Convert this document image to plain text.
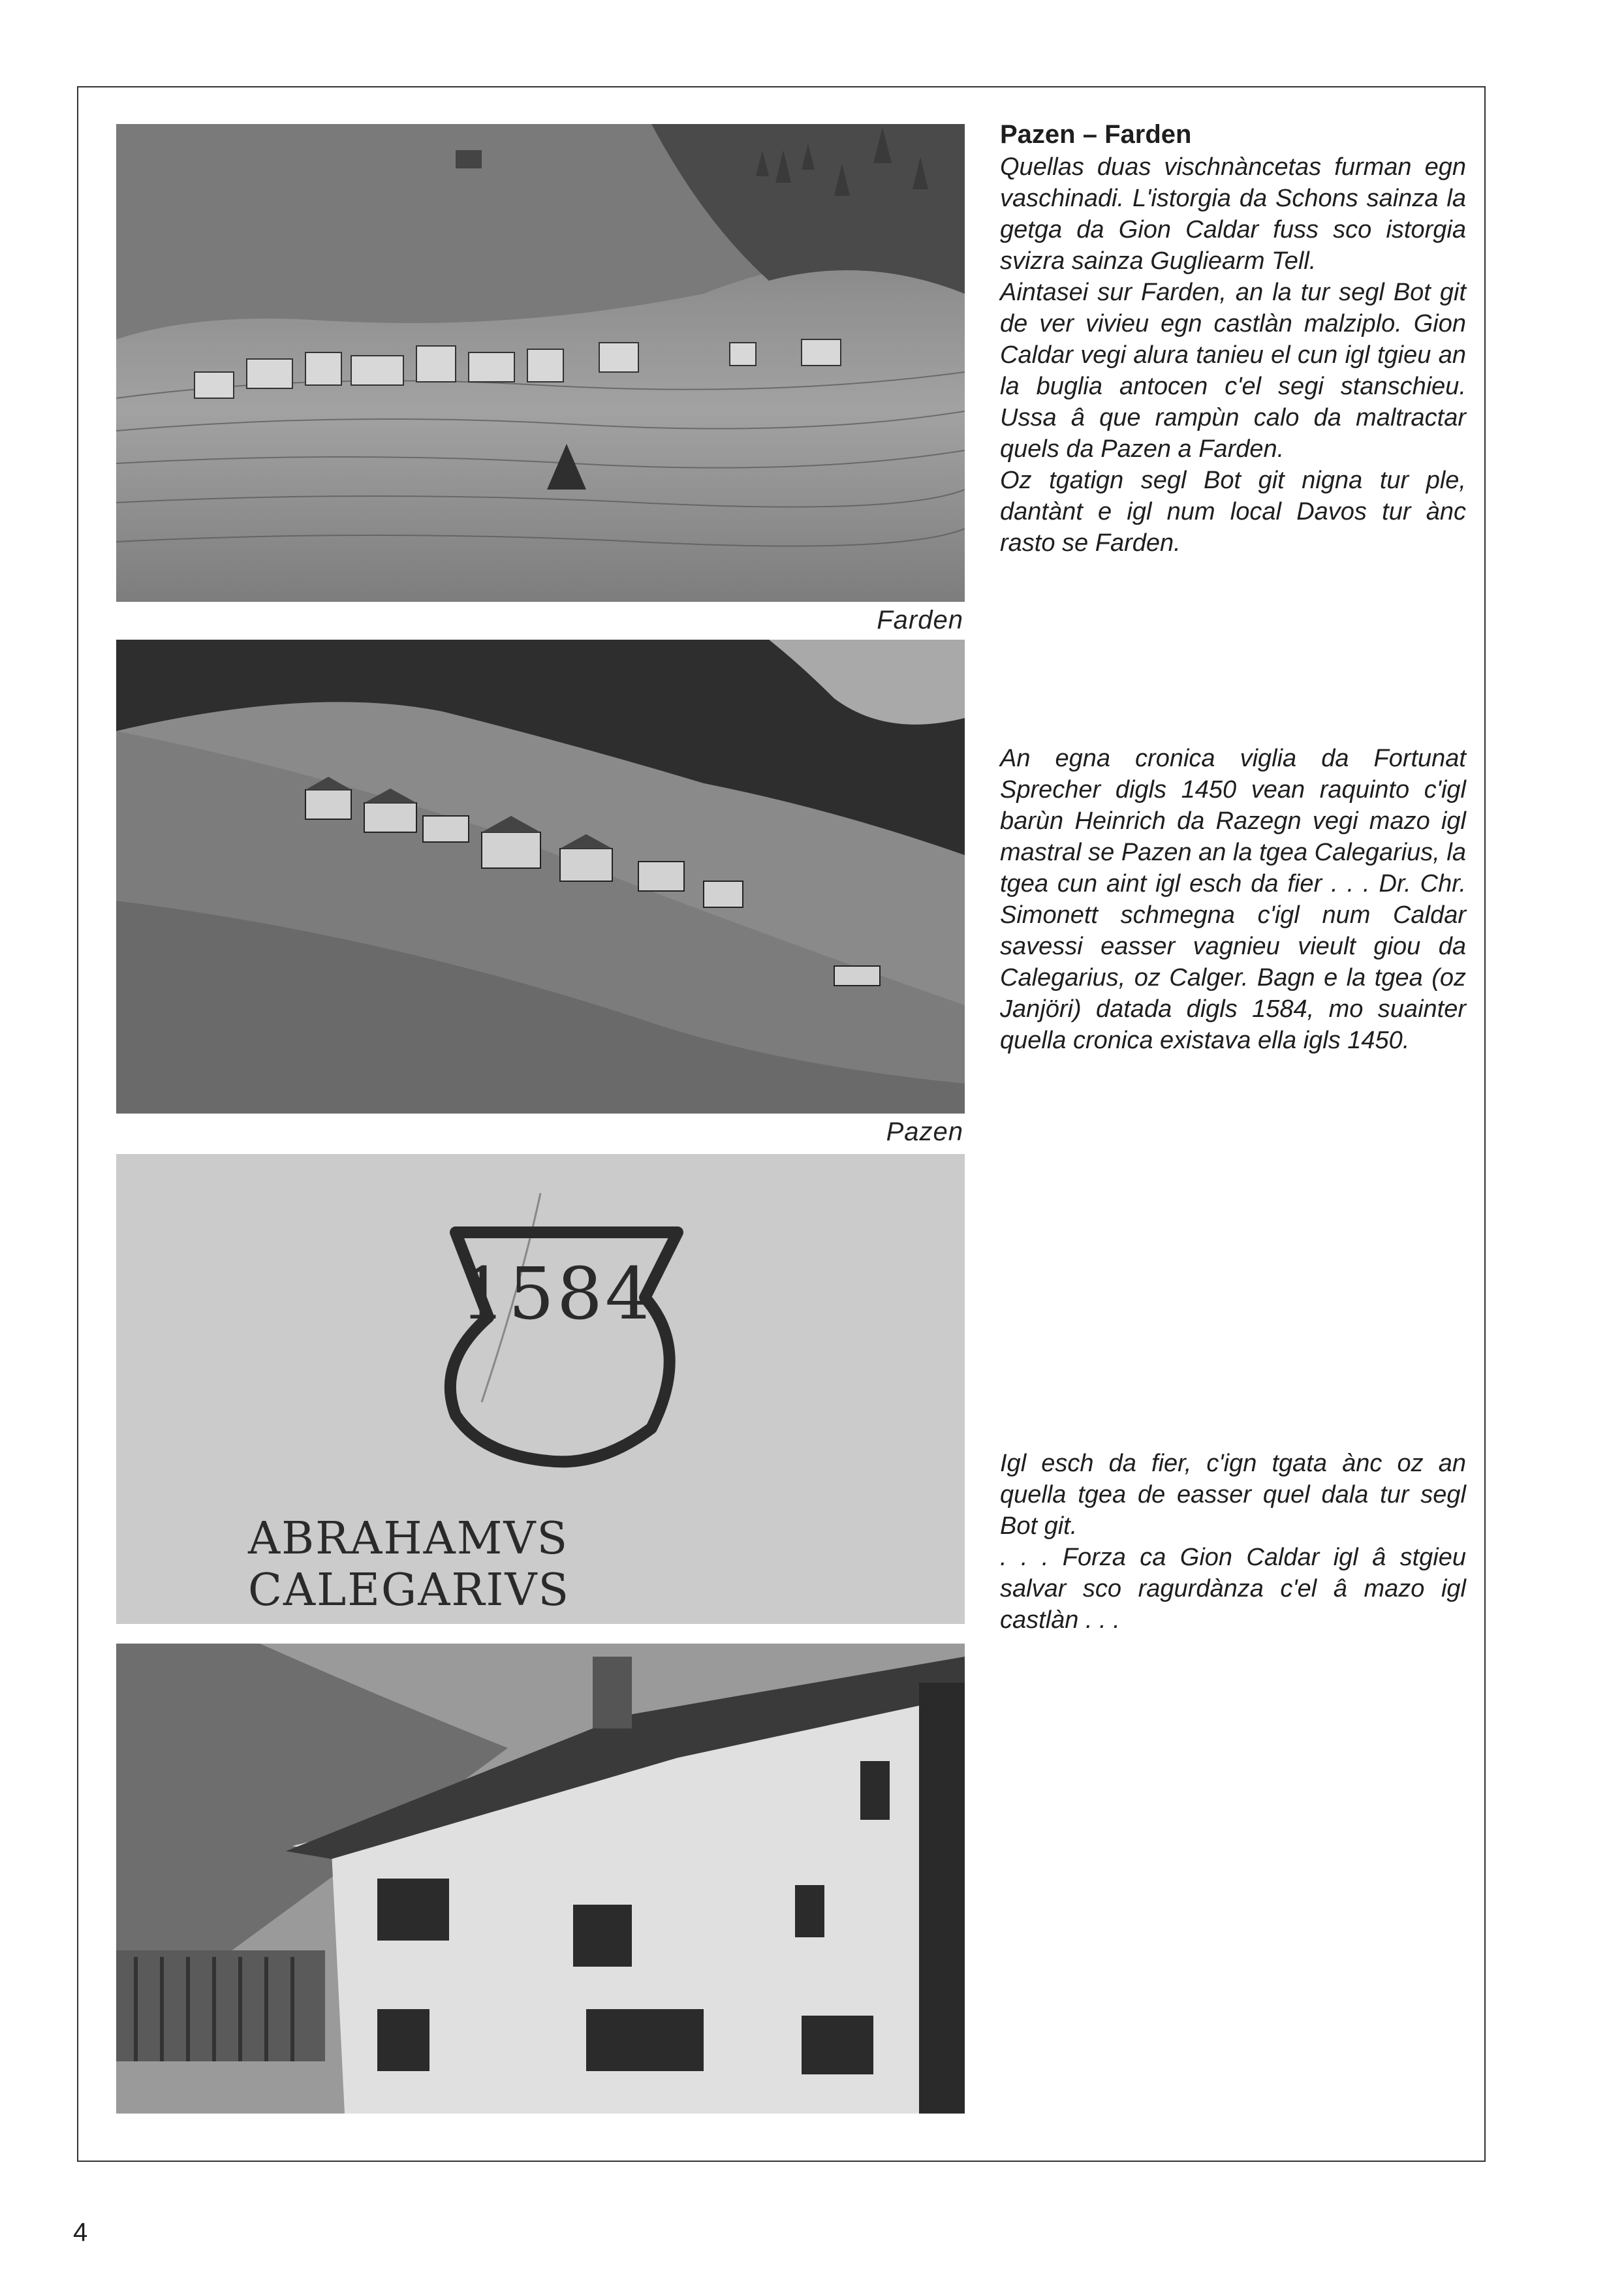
Farden
Pazen
1584
ABRAHAMVS CALEGARIVS
Pazen – Farden

Quellas duas vischnàncetas furman egn vaschinadi. L'istorgia da Schons sainza la getga da Gion Caldar fuss sco istorgia svizra sainza Gugliearm Tell.

Aintasei sur Farden, an la tur segl Bot git de ver vivieu egn castlàn malziplo. Gion Caldar vegi alura tanieu el cun igl tgieu an la buglia antocen c'el segi stanschieu. Ussa â que rampùn calo da maltractar quels da Pazen a Farden.

Oz tgatign segl Bot git nigna tur ple, dantànt e igl num local Davos tur ànc rasto se Farden.

An egna cronica viglia da Fortunat Sprecher digls 1450 vean raquinto c'igl barùn Heinrich da Razegn vegi mazo igl mastral se Pazen an la tgea Calegarius, la tgea cun aint igl esch da fier . . . Dr. Chr. Simonett schmegna c'igl num Caldar savessi easser vagnieu vieult giou da Calegarius, oz Calger. Bagn e la tgea (oz Janjöri) datada digls 1584, mo suainter quella cronica existava ella igls 1450.

Igl esch da fier, c'ign tgata ànc oz an quella tgea de easser quel dala tur segl Bot git.

. . . Forza ca Gion Caldar igl â stgieu salvar sco ragurdànza c'el â mazo igl castlàn . . .

4
